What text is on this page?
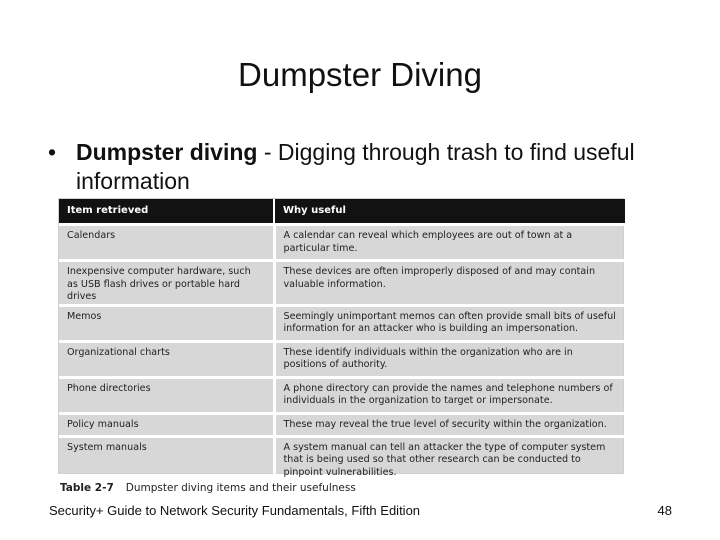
Dumpster Diving
• Dumpster diving - Digging through trash to find useful information
Item retrieved	Why useful
Calendars	A calendar can reveal which employees are out of town at a particular time.
Inexpensive computer hardware, such as USB flash drives or portable hard drives	These devices are often improperly disposed of and may contain valuable information.
Memos	Seemingly unimportant memos can often provide small bits of useful information for an attacker who is building an impersonation.
Organizational charts	These identify individuals within the organization who are in positions of authority.
Phone directories	A phone directory can provide the names and telephone numbers of individuals in the organization to target or impersonate.
Policy manuals	These may reveal the true level of security within the organization.
System manuals	A system manual can tell an attacker the type of computer system that is being used so that other research can be conducted to pinpoint vulnerabilities.
Table 2-7 Dumpster diving items and their usefulness
Security+ Guide to Network Security Fundamentals, Fifth Edition	48
